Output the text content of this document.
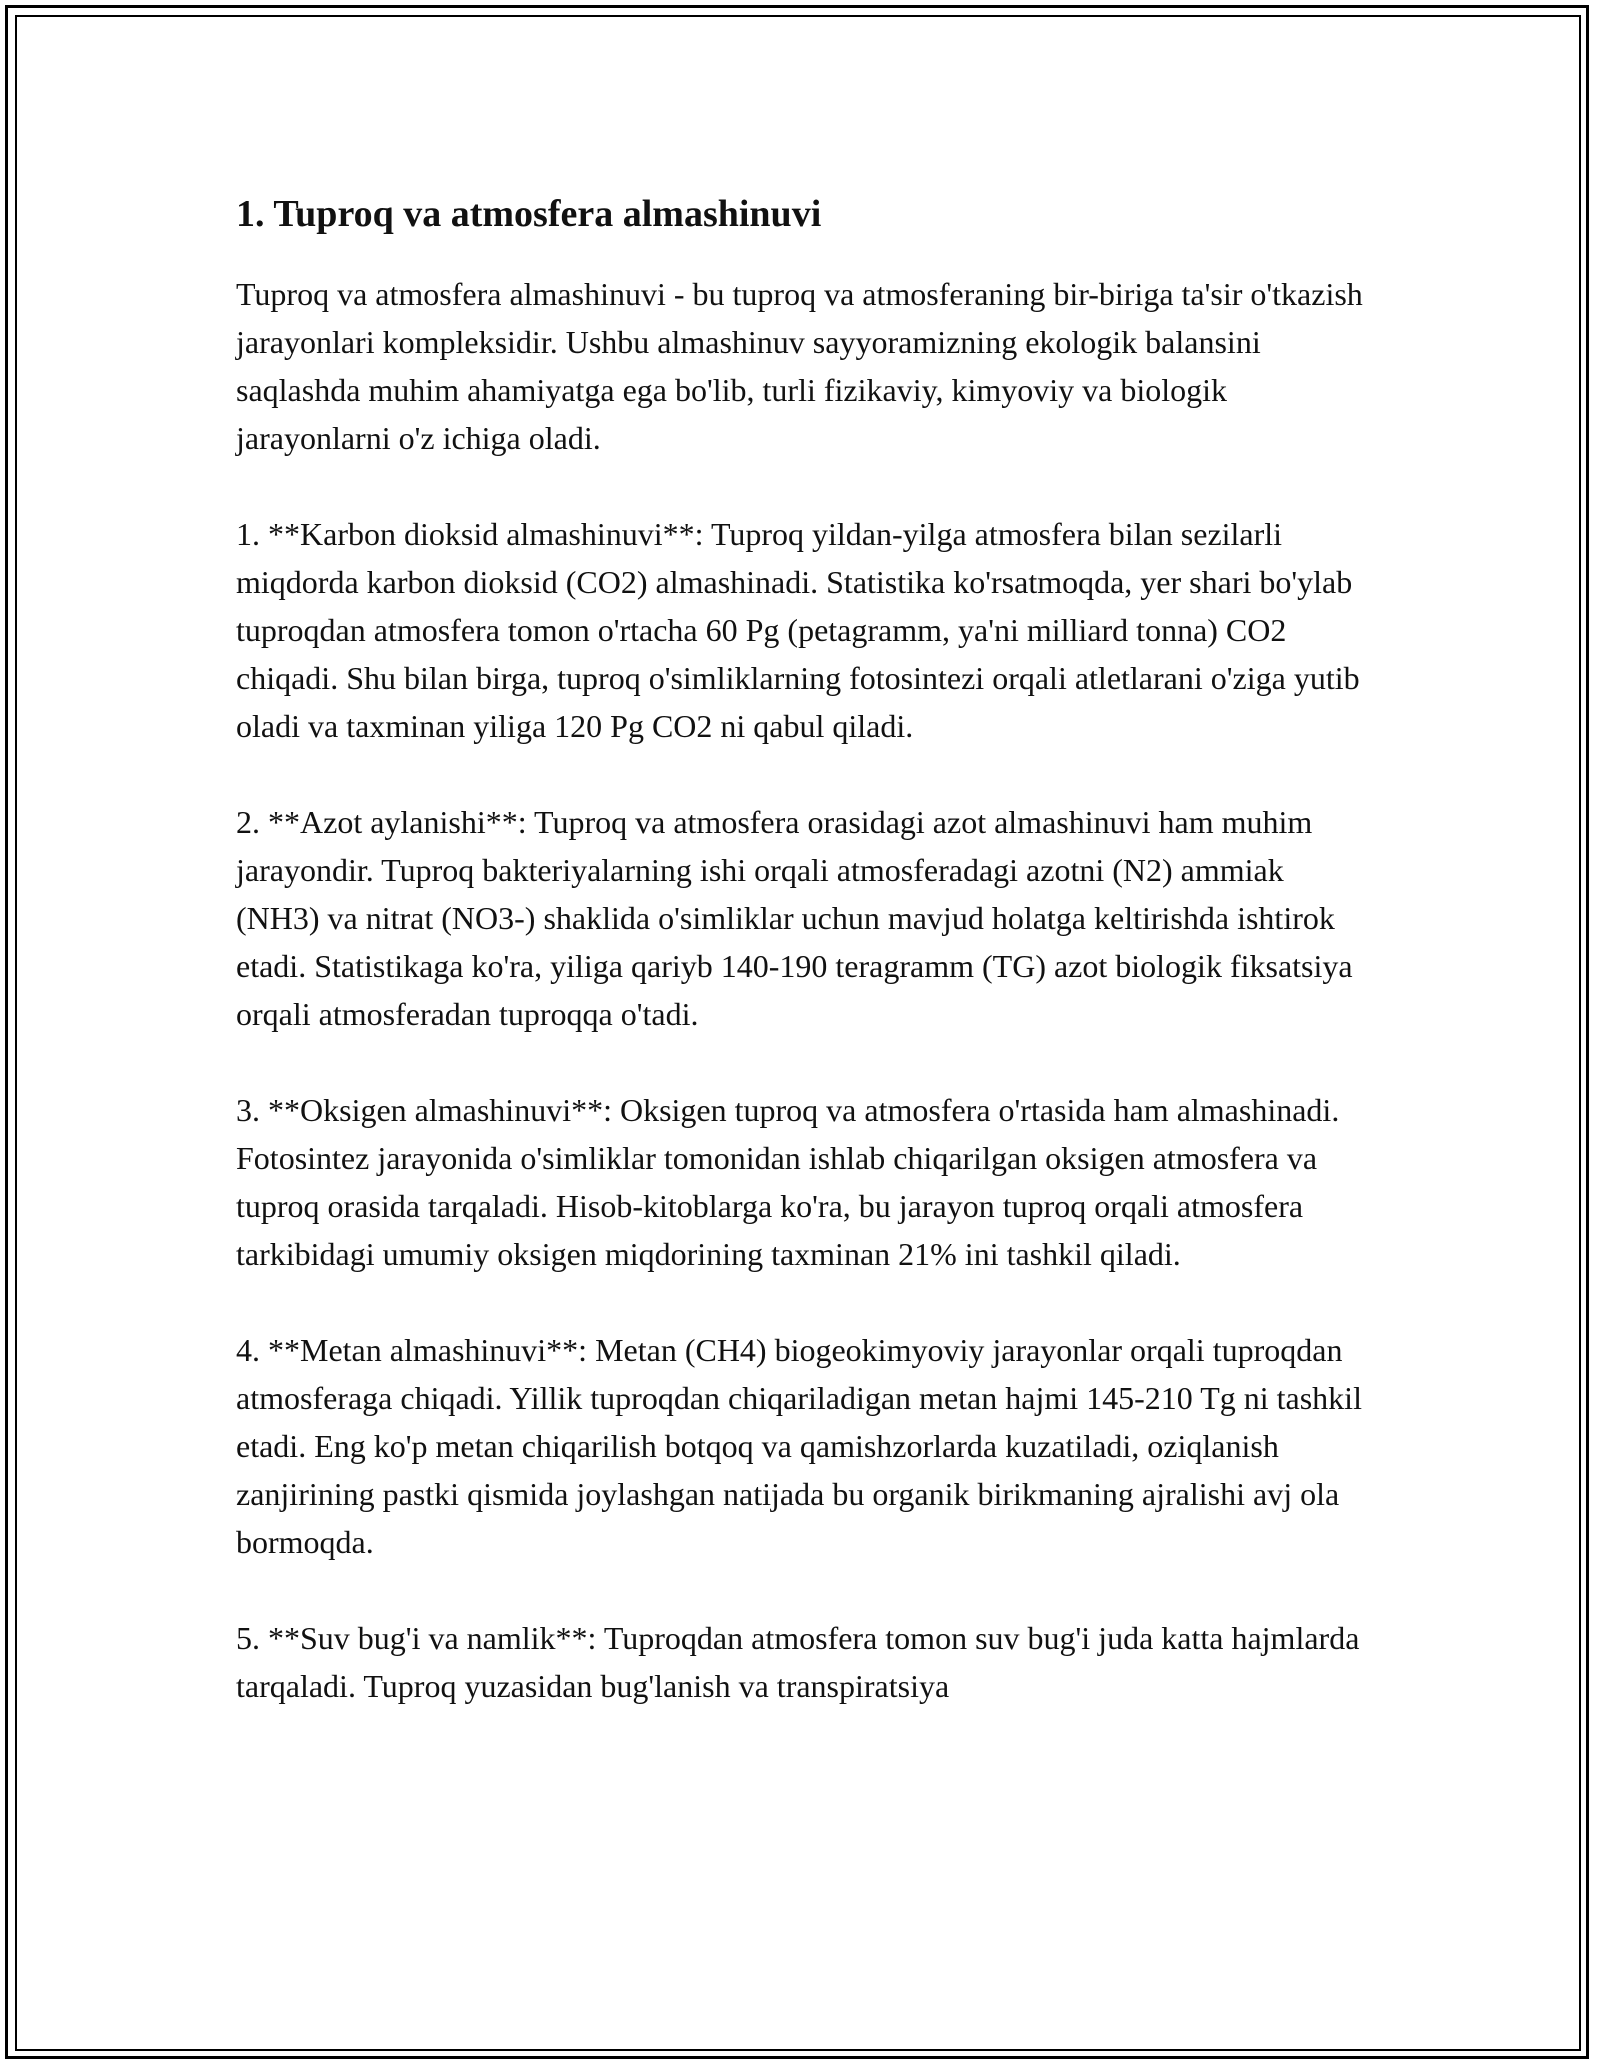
1. Tuproq va atmosfera almashinuvi

Tuproq va atmosfera almashinuvi - bu tuproq va atmosferaning bir-biriga ta'sir o'tkazish jarayonlari kompleksidir. Ushbu almashinuv sayyoramizning ekologik balansini saqlashda muhim ahamiyatga ega bo'lib, turli fizikaviy, kimyoviy va biologik jarayonlarni o'z ichiga oladi.

1. **Karbon dioksid almashinuvi**: Tuproq yildan-yilga atmosfera bilan sezilarli miqdorda karbon dioksid (CO2) almashinadi. Statistika ko'rsatmoqda, yer shari bo'ylab tuproqdan atmosfera tomon o'rtacha 60 Pg (petagramm, ya'ni milliard tonna) CO2 chiqadi. Shu bilan birga, tuproq o'simliklarning fotosintezi orqali atletlarani o'ziga yutib oladi va taxminan yiliga 120 Pg CO2 ni qabul qiladi.

2. **Azot aylanishi**: Tuproq va atmosfera orasidagi azot almashinuvi ham muhim jarayondir. Tuproq bakteriyalarning ishi orqali atmosferadagi azotni (N2) ammiak (NH3) va nitrat (NO3-) shaklida o'simliklar uchun mavjud holatga keltirishda ishtirok etadi. Statistikaga ko'ra, yiliga qariyb 140-190 teragramm (TG) azot biologik fiksatsiya orqali atmosferadan tuproqqa o'tadi.

3. **Oksigen almashinuvi**: Oksigen tuproq va atmosfera o'rtasida ham almashinadi. Fotosintez jarayonida o'simliklar tomonidan ishlab chiqarilgan oksigen atmosfera va tuproq orasida tarqaladi. Hisob-kitoblarga ko'ra, bu jarayon tuproq orqali atmosfera tarkibidagi umumiy oksigen miqdorining taxminan 21% ini tashkil qiladi.

4. **Metan almashinuvi**: Metan (CH4) biogeokimyoviy jarayonlar orqali tuproqdan atmosferaga chiqadi. Yillik tuproqdan chiqariladigan metan hajmi 145-210 Tg ni tashkil etadi. Eng ko'p metan chiqarilish botqoq va qamishzorlarda kuzatiladi, oziqlanish zanjirining pastki qismida joylashgan natijada bu organik birikmaning ajralishi avj ola bormoqda.

5. **Suv bug'i va namlik**: Tuproqdan atmosfera tomon suv bug'i juda katta hajmlarda tarqaladi. Tuproq yuzasidan bug'lanish va transpiratsiya
